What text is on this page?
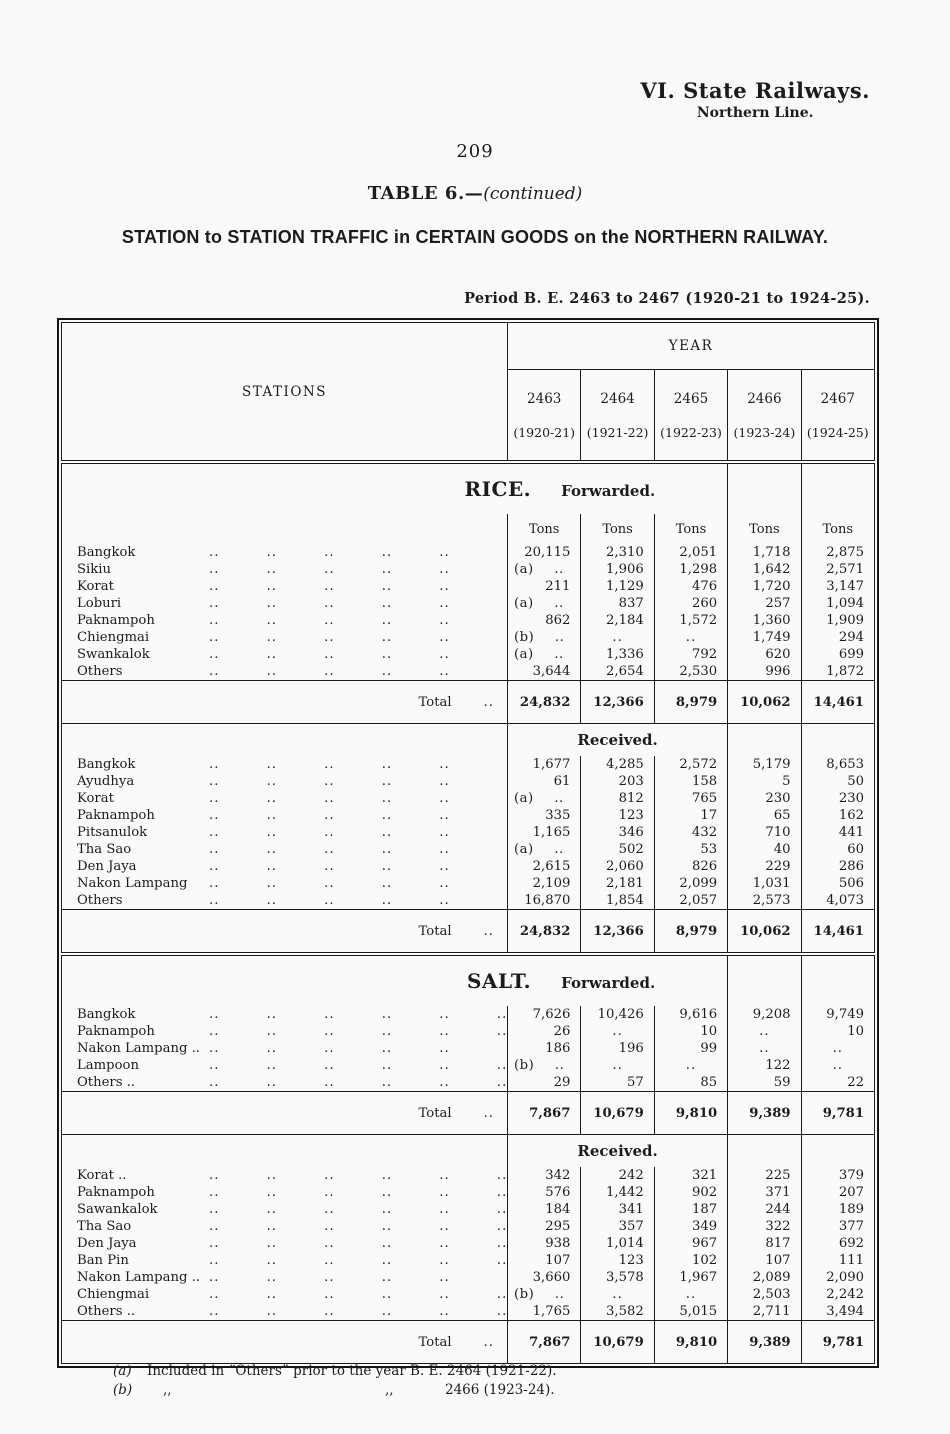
VI. State Railways.
Northern Line.
209
TABLE 6.—(continued)
STATION to STATION TRAFFIC in CERTAIN GOODS on the NORTHERN RAILWAY.
Period B. E. 2463 to 2467 (1920-21 to 1924-25).
STATIONS	YEAR				

2463
(1920-21)

2464
(1921-22)

2465
(1922-23)

2466
(1923-24)

2467
(1924-25)

RICE. Forwarded.					
	Tons	Tons	Tons	Tons	Tons
Bangkok .. .. .. .. ..	20,115	2,310	2,051	1,718	2,875
Sikiu .. .. .. .. ..	(a) ..	1,906	1,298	1,642	2,571
Korat .. .. .. .. ..	211	1,129	476	1,720	3,147
Loburi .. .. .. .. ..	(a) ..	837	260	257	1,094
Paknampoh .. .. .. .. ..	862	2,184	1,572	1,360	1,909
Chiengmai .. .. .. .. ..	(b) ..	..	..	1,749	294
Swankalok .. .. .. .. ..	(a) ..	1,336	792	620	699
Others .. .. .. .. ..	3,644	2,654	2,530	996	1,872
Total ..	24,832	12,366	8,979	10,062	14,461
	Received.				
Bangkok .. .. .. .. ..	1,677	4,285	2,572	5,179	8,653
Ayudhya .. .. .. .. ..	61	203	158	5	50
Korat .. .. .. .. ..	(a) ..	812	765	230	230
Paknampoh .. .. .. .. ..	335	123	17	65	162
Pitsanulok .. .. .. .. ..	1,165	346	432	710	441
Tha Sao .. .. .. .. ..	(a) ..	502	53	40	60
Den Jaya .. .. .. .. ..	2,615	2,060	826	229	286
Nakon Lampang .. .. .. .. ..	2,109	2,181	2,099	1,031	506
Others .. .. .. .. ..	16,870	1,854	2,057	2,573	4,073
Total ..	24,832	12,366	8,979	10,062	14,461
SALT. Forwarded.					
Bangkok .. .. .. .. .. ..	7,626	10,426	9,616	9,208	9,749
Paknampoh .. .. .. .. .. ..	26	..	10	..	10
Nakon Lampang .. .. .. .. .. ..	186	196	99	..	..
Lampoon .. .. .. .. .. ..	(b) ..	..	..	122	..
Others .. .. .. .. .. .. ..	29	57	85	59	22
Total ..	7,867	10,679	9,810	9,389	9,781
	Received.				
Korat .. .. .. .. .. .. ..	342	242	321	225	379
Paknampoh .. .. .. .. .. ..	576	1,442	902	371	207
Sawankalok .. .. .. .. .. ..	184	341	187	244	189
Tha Sao .. .. .. .. .. ..	295	357	349	322	377
Den Jaya .. .. .. .. .. ..	938	1,014	967	817	692
Ban Pin .. .. .. .. .. ..	107	123	102	107	111
Nakon Lampang .. .. .. .. .. ..	3,660	3,578	1,967	2,089	2,090
Chiengmai .. .. .. .. .. ..	(b) ..	..	..	2,503	2,242
Others .. .. .. .. .. .. ..	1,765	3,582	5,015	2,711	3,494
Total ..	7,867	10,679	9,810	9,389	9,781
(a) Included in “Others” prior to the year B. E. 2464 (1921-22).
(b) ,,	,,	2466 (1923-24).
